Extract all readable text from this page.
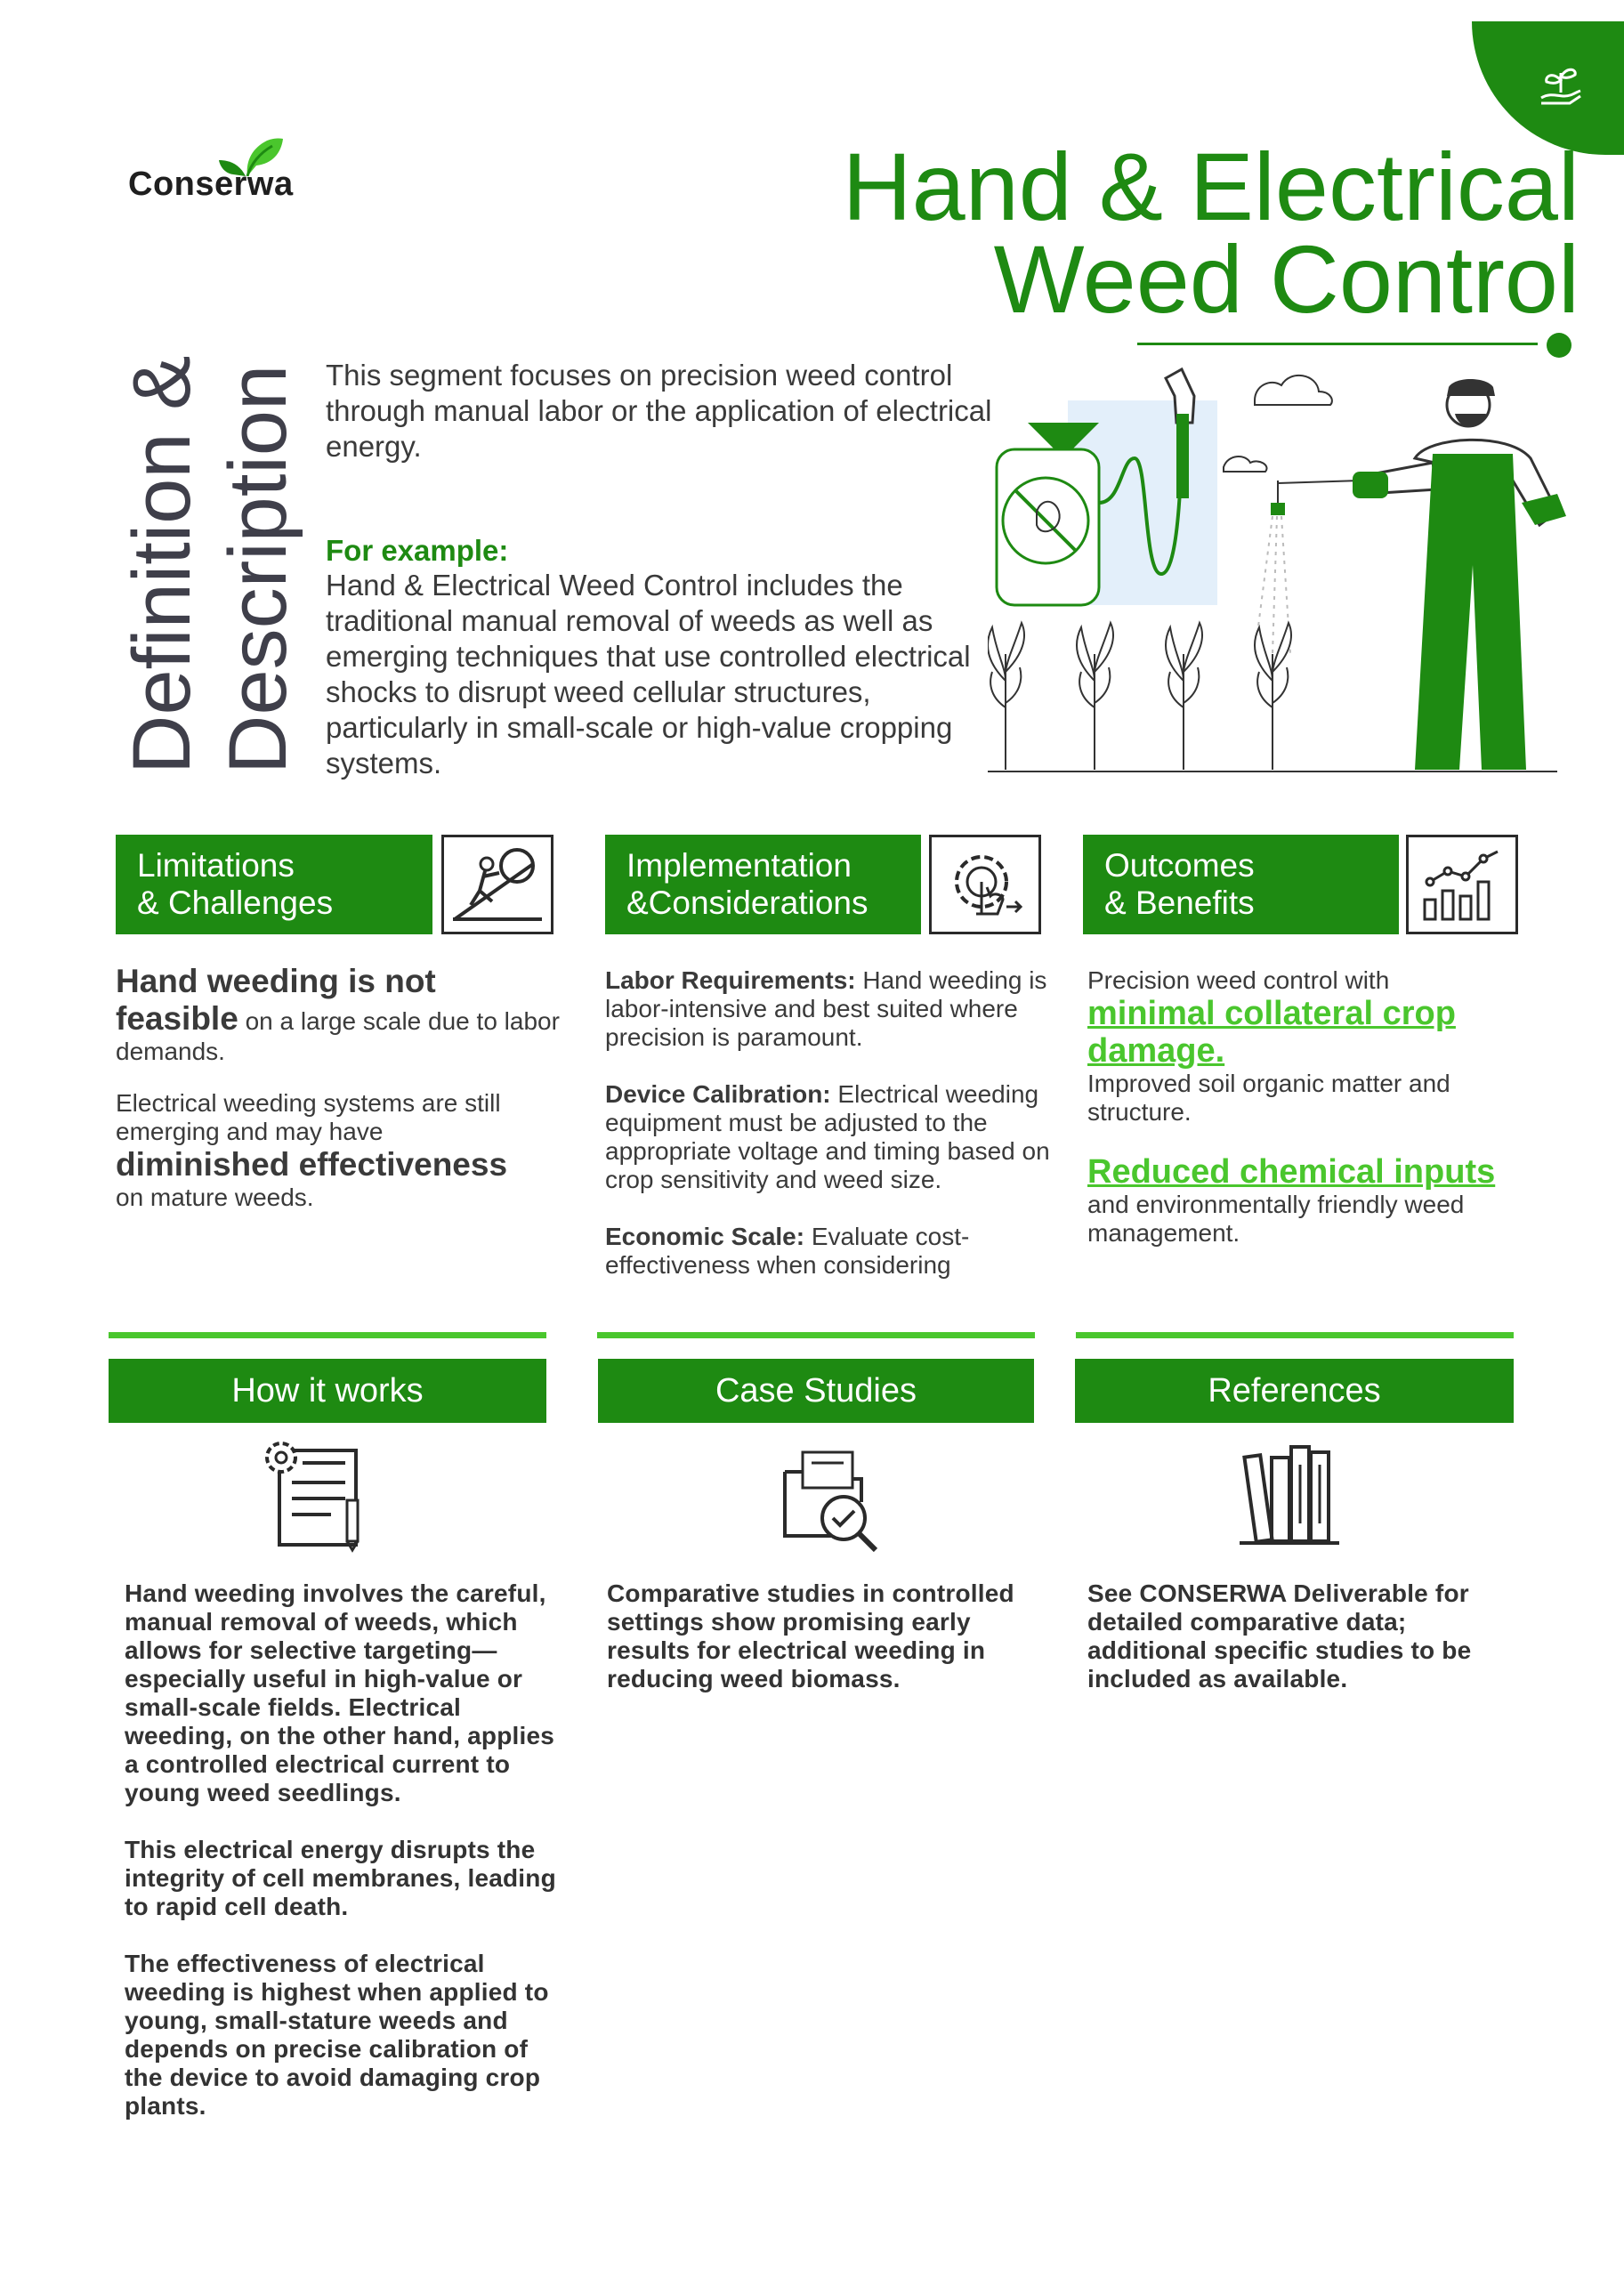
Conserwa	Hand & Electrical
Weed Control
Definition & Description This segment focuses on precision weed control through manual labor or the application of electrical energy.
For example:
Hand & Electrical Weed Control includes the traditional manual removal of weeds as well as emerging techniques that use controlled electrical shocks to disrupt weed cellular structures, particularly in small-scale or high-value cropping systems.
Limitations
& Challenges
Implementation
&Considerations
Outcomes
& Benefits
Hand weeding is not feasible on a large scale due to labor demands.
Electrical weeding systems are still emerging and may have
diminished effectiveness
on mature weeds.
Labor Requirements: Hand weeding is labor-intensive and best suited where precision is paramount.
Device Calibration: Electrical weeding equipment must be adjusted to the appropriate voltage and timing based on crop sensitivity and weed size.
Economic Scale: Evaluate cost-effectiveness when considering
Precision weed control with
minimal collateral crop damage.
Improved soil organic matter and structure.
Reduced chemical inputs
and environmentally friendly weed management.
How it works	Case Studies	References
Hand weeding involves the careful, manual removal of weeds, which allows for selective targeting—especially useful in high-value or small-scale fields. Electrical weeding, on the other hand, applies a controlled electrical current to young weed seedlings.
This electrical energy disrupts the integrity of cell membranes, leading to rapid cell death.
The effectiveness of electrical weeding is highest when applied to young, small-stature weeds and depends on precise calibration of the device to avoid damaging crop plants.
Comparative studies in controlled settings show promising early results for electrical weeding in reducing weed biomass.
See CONSERWA Deliverable for detailed comparative data; additional specific studies to be included as available.
